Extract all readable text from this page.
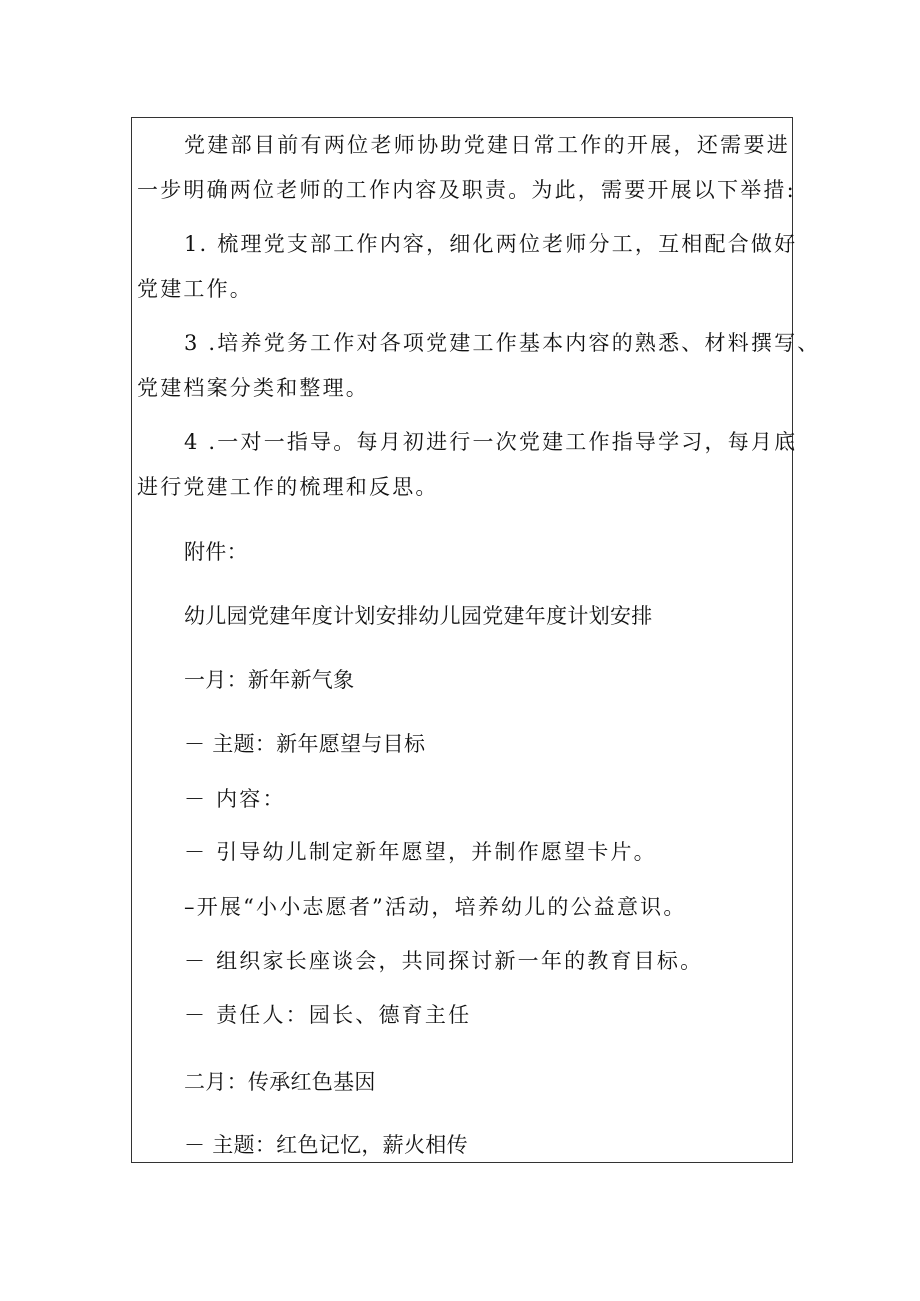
党建部目前有两位老师协助党建日常工作的开展，还需要进
一步明确两位老师的工作内容及职责。为此，需要开展以下举措:
1. 梳理党支部工作内容，细化两位老师分工，互相配合做好
党建工作。
3 .培养党务工作对各项党建工作基本内容的熟悉、材料撰写、
党建档案分类和整理。
4 .一对一指导。每月初进行一次党建工作指导学习，每月底
进行党建工作的梳理和反思。
附件：
幼儿园党建年度计划安排幼儿园党建年度计划安排
一月：新年新气象
－ 主题：新年愿望与目标
－ 内容：
－ 引导幼儿制定新年愿望，并制作愿望卡片。
–开展“小小志愿者”活动，培养幼儿的公益意识。
－ 组织家长座谈会，共同探讨新一年的教育目标。
－ 责任人：园长、德育主任
二月：传承红色基因
－ 主题：红色记忆，薪火相传
